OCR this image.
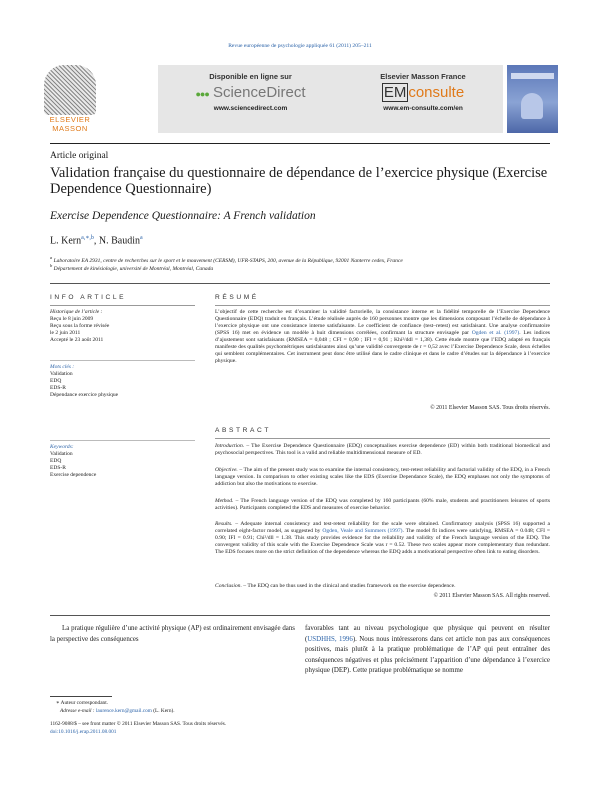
Revue européenne de psychologie appliquée 61 (2011) 205–211
ELSEVIER
MASSON
Disponible en ligne sur
●●● ScienceDirect
www.sciencedirect.com
Elsevier Masson France
EM consulte
www.em-consulte.com/en
Article original
Validation française du questionnaire de dépendance de l’exercice physique (Exercise Dependence Questionnaire)
Exercise Dependence Questionnaire: A French validation
L. Kern$^{a,∗,b}$, N. Baudin$^a$
$^a$ Laboratoire EA 2931, centre de recherches sur le sport et le mouvement (CERSM), UFR-STAPS, 200, avenue de la République, 92001 Nanterre cedex, France
$^b$ Département de kinésiologie, université de Montréal, Montréal, Canada
INFO ARTICLE
Historique de l’article :
Reçu le 8 juin 2009
Reçu sous la forme révisée
le 2 juin 2011
Accepté le 23 août 2011
Mots clés :
Validation
EDQ
EDS-R
Dépendance exercice physique
Keywords:
Validation
EDQ
EDS-R
Exercise dependence
RÉSUMÉ
L’objectif de cette recherche est d’examiner la validité factorielle, la consistance interne et la fidélité temporelle de l’Exercise Dependence Questionnaire (EDQ) traduit en français. L’étude réalisée auprès de 160 personnes montre que les dimensions composant l’échelle de dépendance à l’exercice physique ont une consistance interne satisfaisante. Le coefficient de confiance (test–retest) est satisfaisant. Une analyse confirmatoire (SPSS 16) met en évidence un modèle à huit dimensions corrélées, confirmant la structure envisagée par Ogden et al. (1997). Les indices d’ajustement sont satisfaisants (RMSEA = 0,048 ; CFI = 0,90 ; IFI = 0,91 ; Khi²/ddl = 1,38). Cette étude montre que l’EDQ adapté en français manifeste des qualités psychométriques satisfaisantes ainsi qu’une validité convergente de r = 0,52 avec l’Exercise Dependence Scale, deux échelles qui semblent complémentaires. Cet instrument peut donc être utilisé dans le cadre clinique et dans le cadre d’études sur la dépendance à l’exercice physique.
© 2011 Elsevier Masson SAS. Tous droits réservés.
ABSTRACT
Introduction. – The Exercise Dependence Questionnaire (EDQ) conceptualises exercise dependence (ED) within both traditional biomedical and psychosocial perspectives. This tool is a valid and reliable multidimensional measure of ED.
Objective. – The aim of the present study was to examine the internal consistency, test-retest reliability and factorial validity of the EDQ, in a French language version. In comparison to other existing scales like the EDS (Exercise Dependance Scale), the EDQ emphases not only the symptoms of addiction but also the motivations to exercise.
Method. – The French language version of the EDQ was completed by 160 participants (60% male, students and practitioners leisures of sports activities). Participants completed the EDS and measures of exercise behavior.
Results. – Adequate internal consistency and test-retest reliability for the scale were obtained. Confirmatory analysis (SPSS 16) supported a correlated eight-factor model, as suggested by Ogden, Veale and Summers (1997). The model fit indices were satisfying, RMSEA = 0.048; CFI = 0.90; IFI = 0.91; Chi²/dll = 1.38. This study provides evidence for the reliability and validity of the French language version of the EDQ. The convergent validity of this scale with the Exercise Dependence Scale was r = 0.52. These two scales appear more complementary than redundant. The EDS focuses more on the strict definition of the dependence whereas the EDQ adds a motivational perspective often link to eating disorders.
Conclusion. – The EDQ can be thus used in the clinical and studies framework on the exercise dependence.
© 2011 Elsevier Masson SAS. All rights reserved.
La pratique régulière d’une activité physique (AP) est ordinairement envisagée dans la perspective des conséquences
favorables tant au niveau psychologique que physique qui peuvent en résulter (USDHHS, 1996). Nous nous intéresserons dans cet article non pas aux conséquences positives, mais plutôt à la pratique problématique de l’AP qui peut entraîner des conséquences négatives et plus précisément l’apparition d’une dépendance à l’exercice physique (DEP). Cette pratique problématique se nomme
∗ Auteur correspondant.
Adresse e-mail : laurence.kern@gmail.com (L. Kern).
1162-9088/$ – see front matter © 2011 Elsevier Masson SAS. Tous droits réservés.
doi:10.1016/j.erap.2011.08.001
